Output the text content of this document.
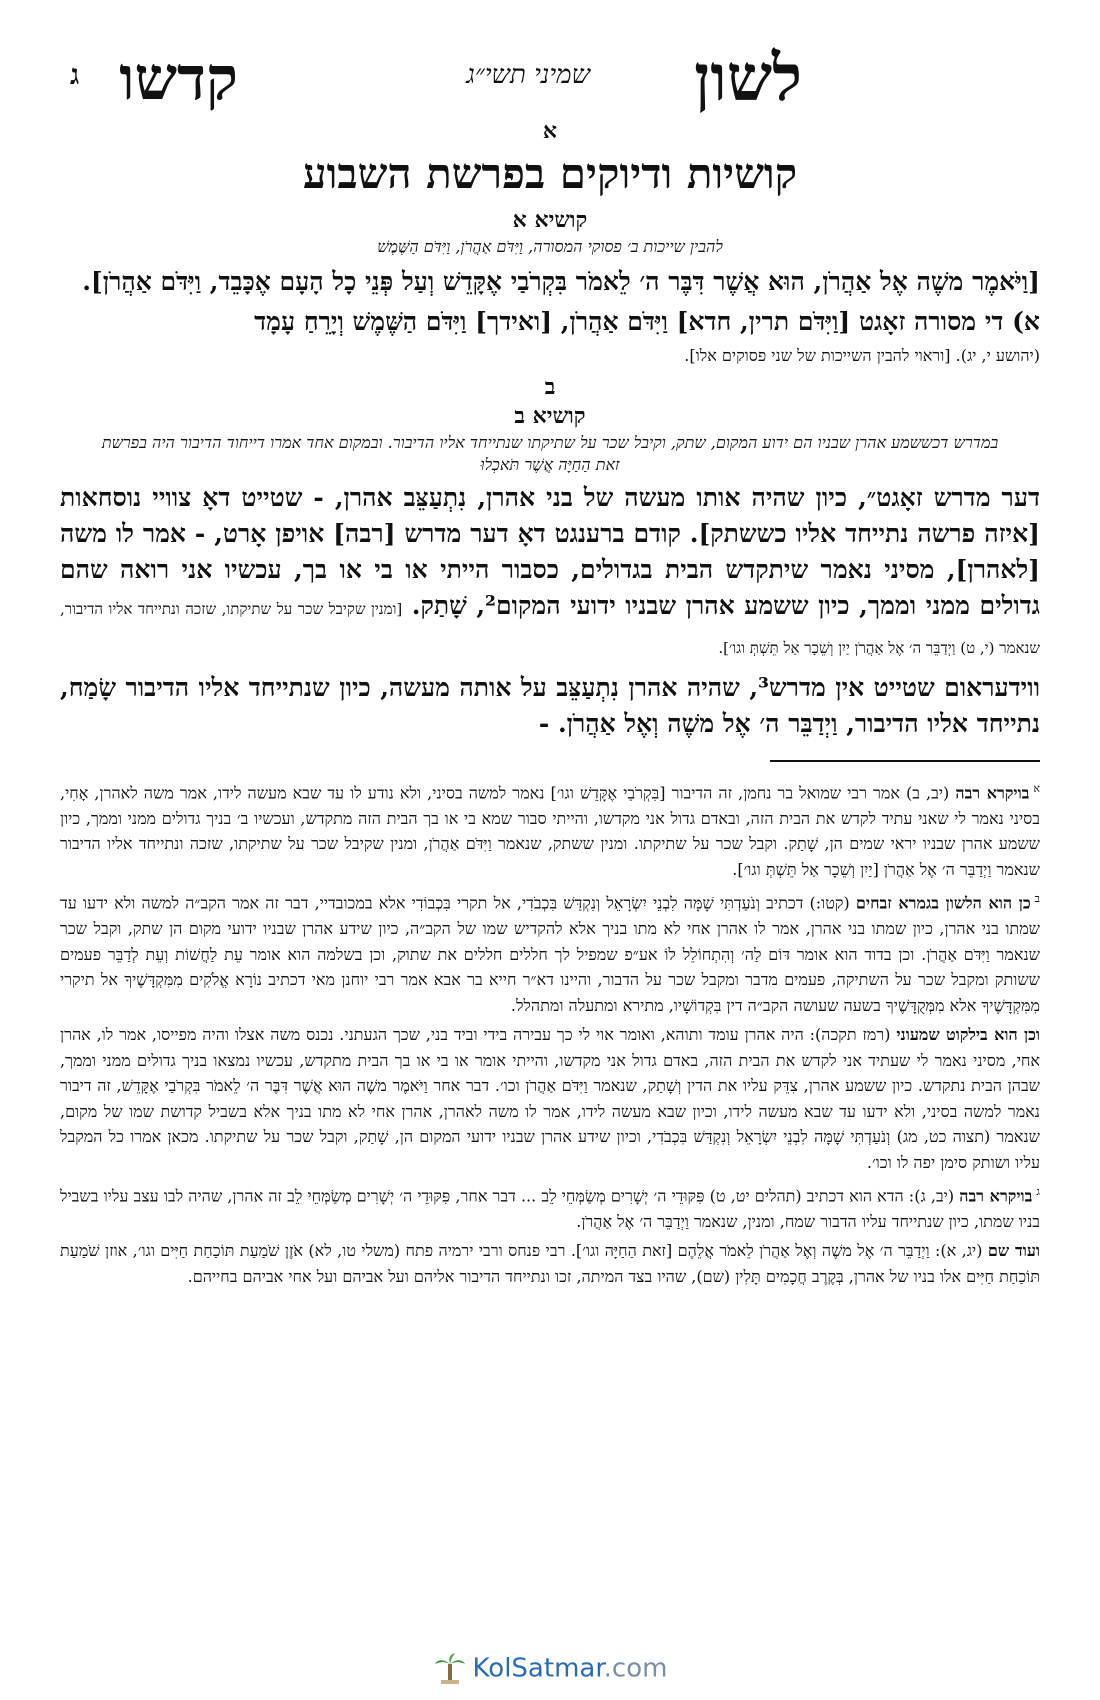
לשון
שמיני תשי״ג
קדשו
ג
א
קושיות ודיוקים בפרשת השבוע
קושיא א
להבין שייכות ב׳ פסוקי המסורה, וַיִּדֹּם אַהֲרֹן, וַיִּדֹּם הַשֶּׁמֶשׁ
[וַיֹּאמֶר משֶׁה אֶל אַהֲרֹן, הוּא אֲשֶׁר דִּבֶּר ה׳ לֵאמֹר בִּקְרֹבַי אֶקָּדֵשׁ וְעַל פְּנֵי כָל הָעָם אֶכָּבֵד, וַיִּדֹּם אַהֲרֹן].
א) די מסורה זאָגט [וַיִּדֹּם תרין, חדא] וַיִּדֹּם אַהֲרֹן, [ואידך] וַיִּדֹּם הַשֶּׁמֶשׁ וְיָרֵחַ עָמָד
(יהושע י, יג). [וראוי להבין השייכות של שני פסוקים אלו].
ב
קושיא ב
במדרש דכששמע אהרן שבניו הם ידוע המקום, שתק, וקיבל שכר על שתיקתו שנתייחד אליו הדיבור. ובמקום אחד אמרו דייחוד הדיבור היה בפרשת זאת הַחַיָּה אֲשֶׁר תֹּאכְלוּ
דער מדרש זאָגט״, כיון שהיה אותו מעשה של בני אהרן, נִתְעַצֵּב אהרן, - שטייט דאָ צוויי נוסחאות [איזה פרשה נתייחד אליו כששתק]. קודם ברענגט דאָ דער מדרש [רבה] אויפן אָרט, - אמר לו משה [לאהרן], מסיני נאמר שיתקדש הבית בגדולים, כסבור הייתי או בי או בך, עכשיו אני רואה שהם גדולים ממני וממך, כיון ששמע אהרן שבניו ידועי המקום², שָׁתַק. [ומנין שקיבל שכר על שתיקתו, שזכה ונתייחד אליו הדיבור, שנאמר (י, ט) וַיְדַבֵּר ה׳ אֶל אַהֲרֹן יַיִן וְשֵׁכָר אַל תֵּשְׁתְּ וגו׳].
ווידעראום שטייט אין מדרש³, שהיה אהרן נִתְעַצֵּב על אותה מעשה, כיון שנתייחד אליו הדיבור שָׂמַח, נתייחד אליו הדיבור, וַיְדַבֵּר ה׳ אֶל משֶׁה וְאֶל אַהֲרֹן. -

$^א$בויקרא רבה (יב, ב) אמר רבי שמואל בר נחמן, זה הדיבור [בִּקְרֹבַי אֶקָּדֵשׁ וגו׳] נאמר למשה בסיני, ולא נודע לו עד שבא מעשה לידו, אמר משה לאהרן, אָחִי, בסיני נאמר לי שאני עתיד לקדש את הבית הזה, ובאדם גדול אני מקדשו, והייתי סבור שמא בי או בך הבית הזה מתקדש, ועכשיו ב׳ בניך גדולים ממני וממך, כיון ששמע אהרן שבניו יראי שמים הן, שָׁתַק. וקבל שכר על שתיקתו. ומנין ששתק, שנאמר וַיִּדֹּם אַהֲרֹן, ומנין שקיבל שכר על שתיקתו, שזכה ונתייחד אליו הדיבור שנאמר וַיְדַבֵּר ה׳ אֶל אַהֲרֹן [יַיִן וְשֵׁכָר אַל תֵּשְׁתְּ וגו׳].

$^ב$כן הוא הלשון בגמרא זבחים (קטו:) דכתיב וְנֹעַדְתִּי שָׁמָּה לִבְנֵי יִשְׂרָאֵל וְנִקְדַּשׁ בִּכְבֹדִי, אל תקרי בִּכְבוֹדִי אלא במכובדיי, דבר זה אמר הקב״ה למשה ולא ידעו עד שמתו בני אהרן, כיון שמתו בני אהרן, אמר לו אהרן אחי לא מתו בניך אלא להקדיש שמו של הקב״ה, כיון שידע אהרן שבניו ידועי מקום הן שתק, וקבל שכר שנאמר וַיִּדֹּם אַהֲרֹן. וכן בדוד הוא אומר דּוֹם לַה׳ וְהִתְחוֹלֵל לוֹ אע״פ שמפיל לך חללים חללים את שתוק, וכן בשלמה הוא אומר עֵת לַחֲשׁוֹת וְעֵת לְדַבֵּר פעמים ששותק ומקבל שכר על השתיקה, פעמים מדבר ומקבל שכר על הדבור, והיינו דא״ר חייא בר אבא אמר רבי יוחנן מאי דכתיב נוֹרָא אֱלֹקִים מִמִּקְדָּשֶׁיךָ אל תיקרי מִמִּקְדָּשֶׁיךָ אלא מִמְּקֻדָּשֶׁיךָ בשעה שעושה הקב״ה דין בִּקְדוֹשָׁיו, מתירא ומתעלה ומתהלל.

וכן הוא בילקוט שמעוני (רמז תקכה): היה אהרן עומד ותוהא, ואומר אוי לי כך עבירה בידי וביד בני, שכך הגעתני. נכנס משה אצלו והיה מפייסו, אמר לו, אהרן אחי, מסיני נאמר לי שעתיד אני לקדש את הבית הזה, באדם גדול אני מקדשו, והייתי אומר או בי או בך הבית מתקדש, עכשיו נמצאו בניך גדולים ממני וממך, שבהן הבית נתקדש. כיון ששמע אהרן, צִדֵּק עליו את הדין וְשָׁתַק, שנאמר וַיִּדֹּם אַהֲרֹן וכו׳. דבר אחר וַיֹּאמֶר משֶׁה הוּא אֲשֶׁר דִּבֶּר ה׳ לֵאמֹר בִּקְרֹבַי אֶקָּדֵשׁ, זה דיבור נאמר למשה בסיני, ולא ידעו עד שבא מעשה לידו, וכיון שבא מעשה לידו, אמר לו משה לאהרן, אהרן אחי לא מתו בניך אלא בשביל קדושת שמו של מקום, שנאמר (תצוה כט, מג) וְנֹעַדְתִּי שָׁמָּה לִבְנֵי יִשְׂרָאֵל וְנִקְדַּשׁ בִּכְבֹדִי, וכיון שידע אהרן שבניו ידועי המקום הן, שָׁתַק, וקבל שכר על שתיקתו. מכאן אמרו כל המקבל עליו ושותק סימן יפה לו וכו׳.

$^ג$בויקרא רבה (יב, ג): הדא הוא דכתיב (תהלים יט, ט) פִּקּוּדֵי ה׳ יְשָׁרִים מְשַׂמְּחֵי לֵב ... דבר אחר, פִּקּוּדֵי ה׳ יְשָׁרִים מְשַׂמְּחֵי לֵב זה אהרן, שהיה לבו עצב עליו בשביל בניו שמתו, כיון שנתייחד עליו הדבור שמח, ומנין, שנאמר וַיְדַבֵּר ה׳ אֶל אַהֲרֹן.

ועוד שם (יג, א): וַיְדַבֵּר ה׳ אֶל משֶׁה וְאֶל אַהֲרֹן לֵאמֹר אֲלֵהֶם [זאת הַחַיָּה וגו׳]. רבי פנחס ורבי ירמיה פתח (משלי טו, לא) אֹזֶן שֹׁמַעַת תּוֹכַחַת חַיִּים וגו׳, אוזן שֹׁמַעַת תּוֹכַחַת חַיִּים אלו בניו של אהרן, בְּקֶרֶב חֲכָמִים תָּלִין (שם), שהיו בצד המיתה, זכו ונתייחד הדיבור אליהם ועל אביהם ועל אחי אביהם בחייהם.

KolSatmar.com
